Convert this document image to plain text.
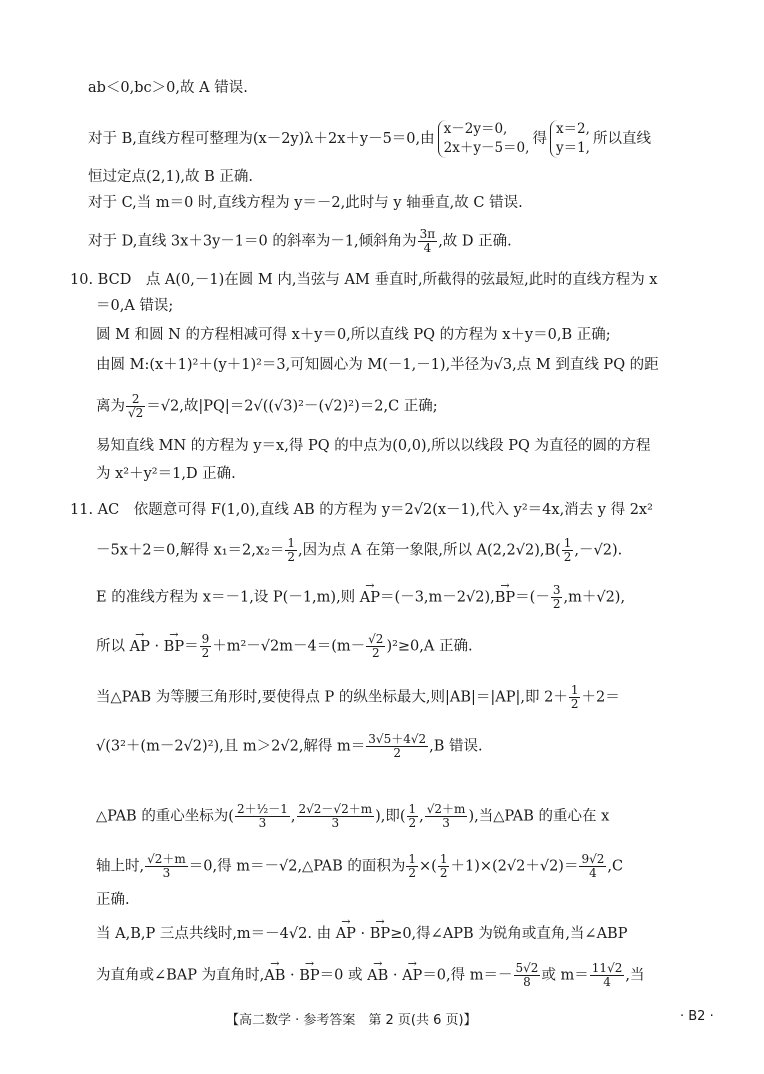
ab＜0,bc＞0,故 A 错误.
对于 B,直线方程可整理为(x－2y)λ＋2x＋y－5＝0,由
x－2y＝0,
2x＋y－5＝0,
得
x＝2,
y＝1,
所以直线
恒过定点(2,1),故 B 正确.
对于 C,当 m＝0 时,直线方程为 y＝－2,此时与 y 轴垂直,故 C 错误.
对于 D,直线 3x＋3y－1＝0 的斜率为－1,倾斜角为 $\frac{3\pi}{4}$ ,故 D 正确.
10. BCD　点 A(0,－1)在圆 M 内,当弦与 AM 垂直时,所截得的弦最短,此时的直线方程为 x
＝0,A 错误;
圆 M 和圆 N 的方程相减可得 x＋y＝0,所以直线 PQ 的方程为 x＋y＝0,B 正确;
由圆 M:(x＋1)²＋(y＋1)²＝3,可知圆心为 M(－1,－1),半径为√3,点 M 到直线 PQ 的距
离为 $\frac{2}{√2} =√2$,故|PQ|＝2√((√3)²－(√2)²)＝2,C 正确;
易知直线 MN 的方程为 y＝x,得 PQ 的中点为(0,0),所以以线段 PQ 为直径的圆的方程
为 x²＋y²＝1,D 正确.
11. AC　依题意可得 F(1,0),直线 AB 的方程为 y＝2√2(x－1),代入 y²＝4x,消去 y 得 2x²
－5x＋2＝0,解得 $x_1=2,x_2= \frac{1}{2}$ ,因为点 A 在第一象限,所以 $A(2,2√2),B( \frac{1}{2} ,-√2)$.
E 的准线方程为 x＝－1,设 P(－1,m),则 → $AP=(-3,m-2√2),\to BP=(- \frac{3}{2} ,m+√2)$,
所以 → AP · → $BP= \frac{9}{2} +m^2-√2m-4=(m- \frac{√2}{2} )^2\ge 0,A$ 正确.
当△PAB 为等腰三角形时,要使得点 P 的纵坐标最大,则|AB|＝|AP|,即 $2+ \frac{1}{2} +2=$
√(3²＋(m－2√2)²),且 m＞2√2,解得 $m= \frac{3√5+4√2}{2} ,B$ 错误.
△PAB 的重心坐标为( $\frac{\text{2＋½－1}}{3}$ , $\frac{2√2-√2+m}{3}$ ),即( $\frac{1}{2}$ , $\frac{√2+m}{3}$ ),当△PAB 的重心在 x
轴上时, $\frac{√2+m}{3} =0$,得 m＝－√2,△PAB 的面积为 $\frac{1}{2}$ ×( $\frac{1}{2} +1)\times(2√2+√2)= \frac{9√2}{4} ,C$
正确.
当 A,B,P 三点共线时,m＝－4√2. 由 → AP · → BP≥0,得∠APB 为锐角或直角,当∠ABP
为直角或∠BAP 为直角时,→ AB · → BP＝0 或 → AB · → AP＝0,得 $m=- \frac{5√2}{8}$ 或 $m= \frac{11√2}{4}$ ,当
【高二数学 · 参考答案　第 2 页(共 6 页)】	· B2 ·
